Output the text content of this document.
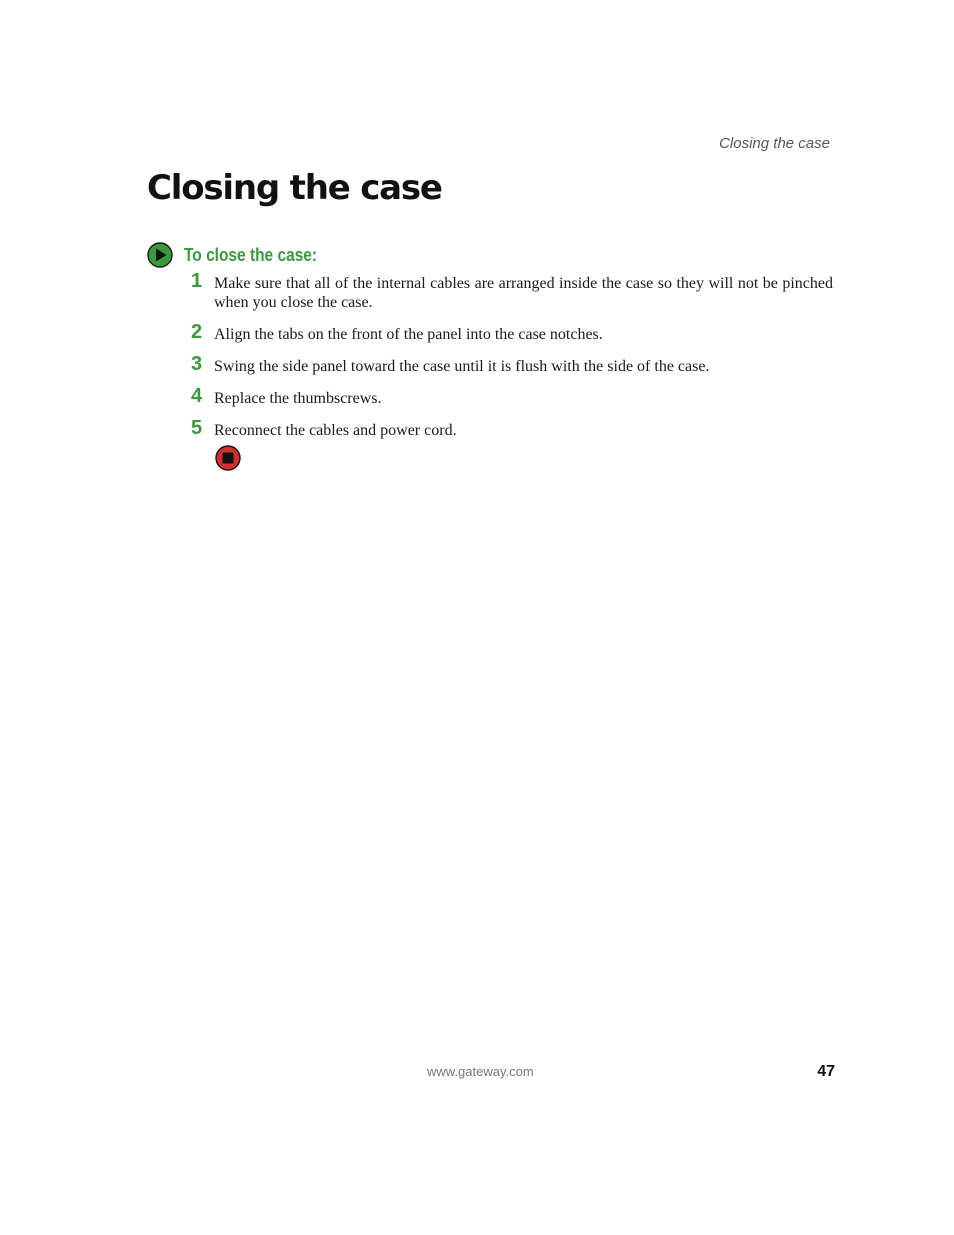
Closing the case
Closing the case
To close the case:
1 Make sure that all of the internal cables are arranged inside the case so they will not be pinched when you close the case.
2 Align the tabs on the front of the panel into the case notches.
3 Swing the side panel toward the case until it is flush with the side of the case.
4 Replace the thumbscrews.
5 Reconnect the cables and power cord.
www.gateway.com	47
